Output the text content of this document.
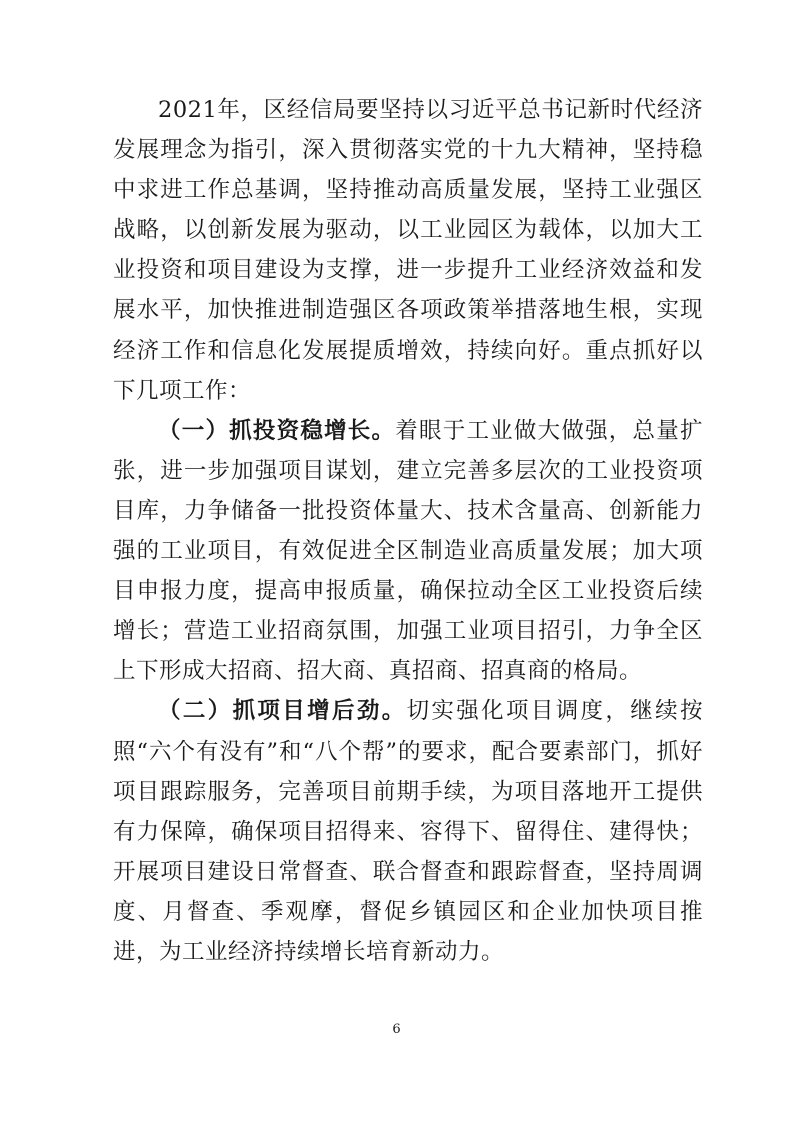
2021年，区经信局要坚持以习近平总书记新时代经济发展理念为指引，深入贯彻落实党的十九大精神，坚持稳中求进工作总基调，坚持推动高质量发展，坚持工业强区战略，以创新发展为驱动，以工业园区为载体，以加大工业投资和项目建设为支撑，进一步提升工业经济效益和发展水平，加快推进制造强区各项政策举措落地生根，实现经济工作和信息化发展提质增效，持续向好。重点抓好以下几项工作：

（一）抓投资稳增长。着眼于工业做大做强，总量扩张，进一步加强项目谋划，建立完善多层次的工业投资项目库，力争储备一批投资体量大、技术含量高、创新能力强的工业项目，有效促进全区制造业高质量发展；加大项目申报力度，提高申报质量，确保拉动全区工业投资后续增长；营造工业招商氛围，加强工业项目招引，力争全区上下形成大招商、招大商、真招商、招真商的格局。

（二）抓项目增后劲。切实强化项目调度，继续按照“六个有没有”和“八个帮”的要求，配合要素部门，抓好项目跟踪服务，完善项目前期手续，为项目落地开工提供有力保障，确保项目招得来、容得下、留得住、建得快；开展项目建设日常督查、联合督查和跟踪督查，坚持周调度、月督查、季观摩，督促乡镇园区和企业加快项目推进，为工业经济持续增长培育新动力。

6
